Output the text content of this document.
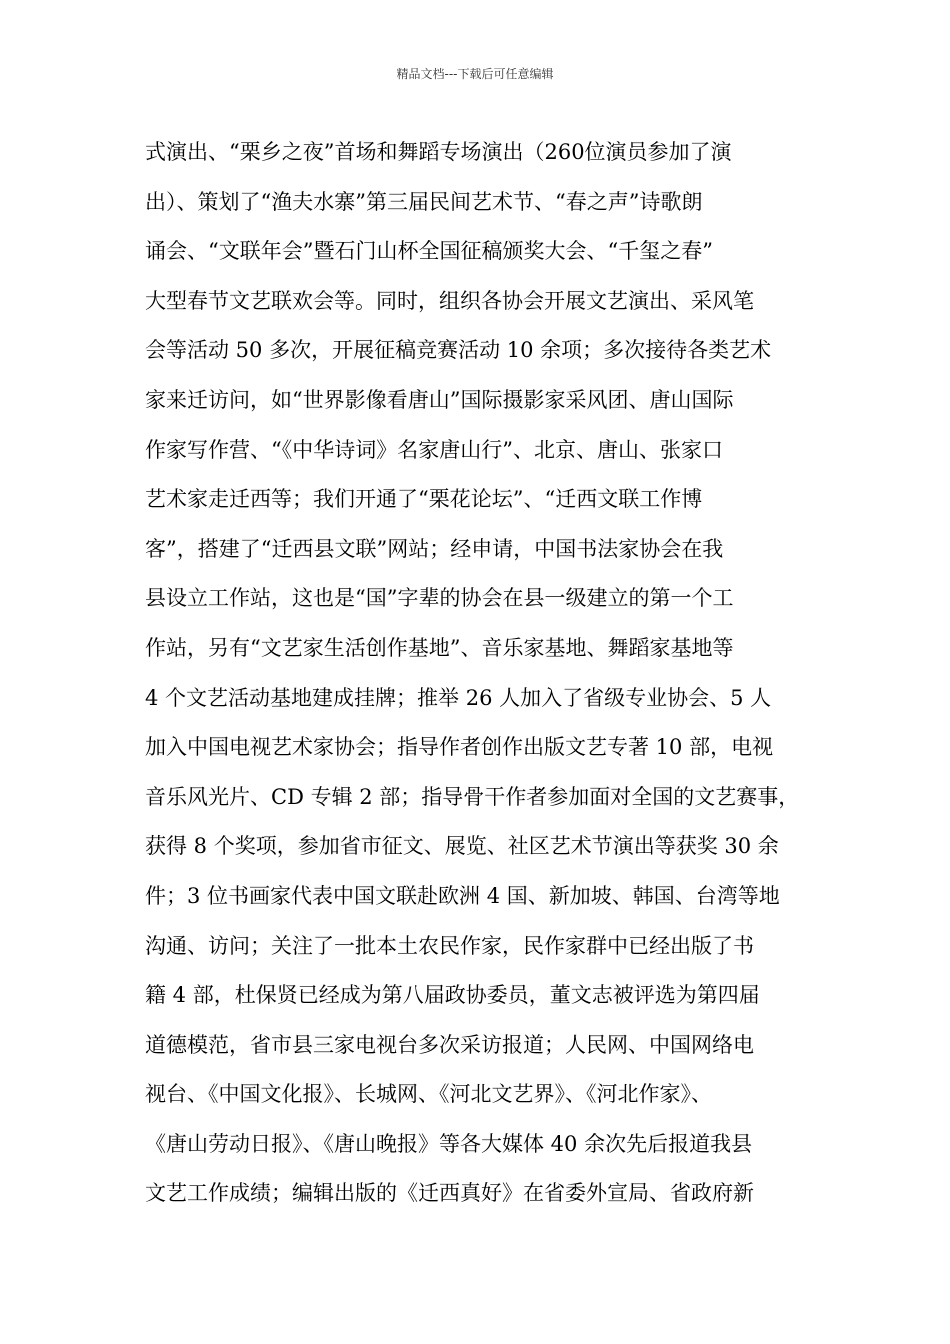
精品文档---下载后可任意编辑
式演出、“栗乡之夜”首场和舞蹈专场演出（260位演员参加了演
出）、策划了“渔夫水寨”第三届民间艺术节、“春之声”诗歌朗
诵会、“文联年会”暨石门山杯全国征稿颁奖大会、“千玺之春”
大型春节文艺联欢会等。同时，组织各协会开展文艺演出、采风笔
会等活动 50 多次，开展征稿竞赛活动 10 余项；多次接待各类艺术
家来迁访问，如“世界影像看唐山”国际摄影家采风团、唐山国际
作家写作营、“《中华诗词》名家唐山行”、北京、唐山、张家口
艺术家走迁西等；我们开通了“栗花论坛”、“迁西文联工作博
客”，搭建了“迁西县文联”网站；经申请，中国书法家协会在我
县设立工作站，这也是“国”字辈的协会在县一级建立的第一个工
作站，另有“文艺家生活创作基地”、音乐家基地、舞蹈家基地等
4 个文艺活动基地建成挂牌；推举 26 人加入了省级专业协会、5 人
加入中国电视艺术家协会；指导作者创作出版文艺专著 10 部，电视
音乐风光片、CD 专辑 2 部；指导骨干作者参加面对全国的文艺赛事，
获得 8 个奖项，参加省市征文、展览、社区艺术节演出等获奖 30 余
件；3 位书画家代表中国文联赴欧洲 4 国、新加坡、韩国、台湾等地
沟通、访问；关注了一批本土农民作家，民作家群中已经出版了书
籍 4 部，杜保贤已经成为第八届政协委员，董文志被评选为第四届
道德模范，省市县三家电视台多次采访报道；人民网、中国网络电
视台、《中国文化报》、长城网、《河北文艺界》、《河北作家》、
《唐山劳动日报》、《唐山晚报》等各大媒体 40 余次先后报道我县
文艺工作成绩；编辑出版的《迁西真好》在省委外宣局、省政府新
